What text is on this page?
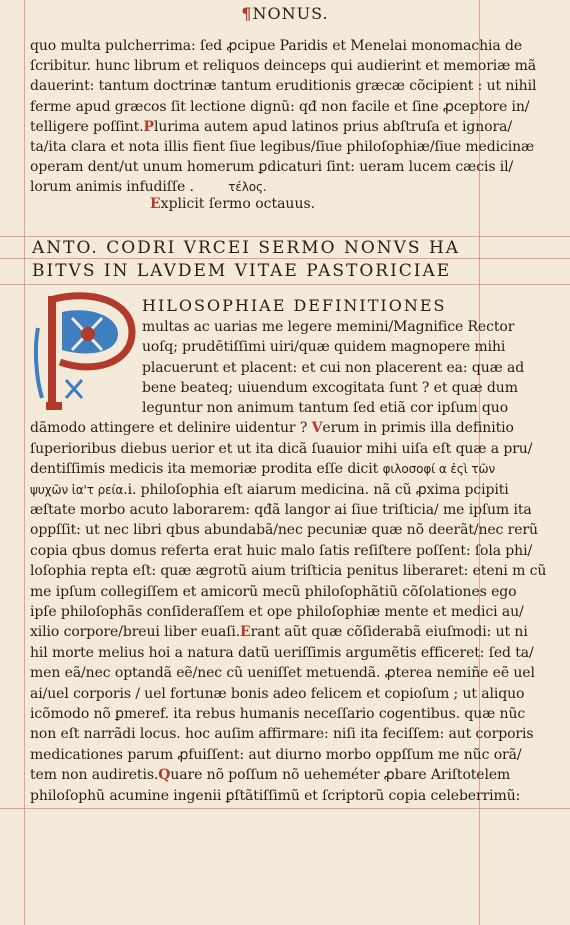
¶NONUS.
quo multa pulcherrima: ſed ꝓcipue Paridis et Menelai monomachia de
ſcribitur. hunc librum et reliquos deinceps qui audierint et memoriæ mã
dauerint: tantum doctrinæ tantum eruditionis græcæ cõcipient : ut nihil
ferme apud græcos ſit lectione dignũ: qđ non facile et ſine ꝓceptore in/
telligere poſſint.Plurima autem apud latinos prius abſtruſa et ignora/
ta/ita clara et nota illis fient ſiue legibus/ſiue philoſophiæ/ſiue medicinæ
operam dent/ut unum homerum ꝑdicaturi ſint: ueram lucem cæcis il/
lorum animis infudiſſe .	τέλος.
Explicit ſermo octauus.
ANTO. CODRI VRCEI SERMO NONVS HA
BITVS IN LAVDEM VITAE PASTORICIAE
HILOSOPHIAE DEFINITIONES
multas ac uarias me legere memini/Magnifice Rector
uoſq; prudētiſſimi uiri/quæ quidem magnopere mihi
placuerunt et placent: et cui non placerent ea: quæ ad
bene beateq; uiuendum excogitata ſunt ? et quæ dum
leguntur non animum tantum ſed etiã cor ipſum quo
dãmodo attingere et delinire uidentur ? Verum in primis illa definitio
ſuperioribus diebus uerior et ut ita dicã ſuauior mihi uiſa eſt quæ a pru/
dentiſſimis medicis ita memoriæ prodita eſſe dicit φιλοσοφί α ἐςὶ τῶν
ψυχῶν ἰα'τ ρεία.i. philoſophia eſt aiarum medicina. nã cũ ꝓxima pcipiti
æſtate morbo acuto laborarem: qđã langor ai ſiue triſticia/ me ipſum ita
oppſſit: ut nec libri qbus abundabã/nec pecuniæ quæ nõ deerãt/nec rerũ
copia qbus domus referta erat huic malo ſatis reſiſtere poſſent: ſola phi/
loſophia repta eſt: quæ ægrotũ aium triſticia penitus liberaret: eteni m cũ
me ipſum collegiſſem et amicorũ mecũ philoſophãtiũ cõſolationes ego
ipſe philoſophãs conſideraſſem et ope philoſophiæ mente et medici au/
xilio corpore/breui liber euaſi.Erant aũt quæ cõſiderabã eiuſmodi: ut ni
hil morte melius hoi a natura datũ ueriſſimis argumẽtis efficeret: ſed ta/
men eã/nec optandã eẽ/nec cũ ueniſſet metuendã. ꝓterea nemiñe eẽ uel
ai/uel corporis / uel fortunæ bonis adeo felicem et copioſum ; ut aliquo
icõmodo nõ ꝑmeref. ita rebus humanis neceſſario cogentibus. quæ nũc
non eſt narrãdi locus. hoc auſim affirmare: niſi ita feciſſem: aut corporis
medicationes parum ꝓfuiſſent: aut diurno morbo oppſſum me nũc orã/
tem non audiretis.Quare nõ poſſum nõ ueheméter ꝓbare Ariſtotelem
philoſophũ acumine ingenii ꝑſtãtiſſimũ et ſcriptorũ copia celeberrimũ:
